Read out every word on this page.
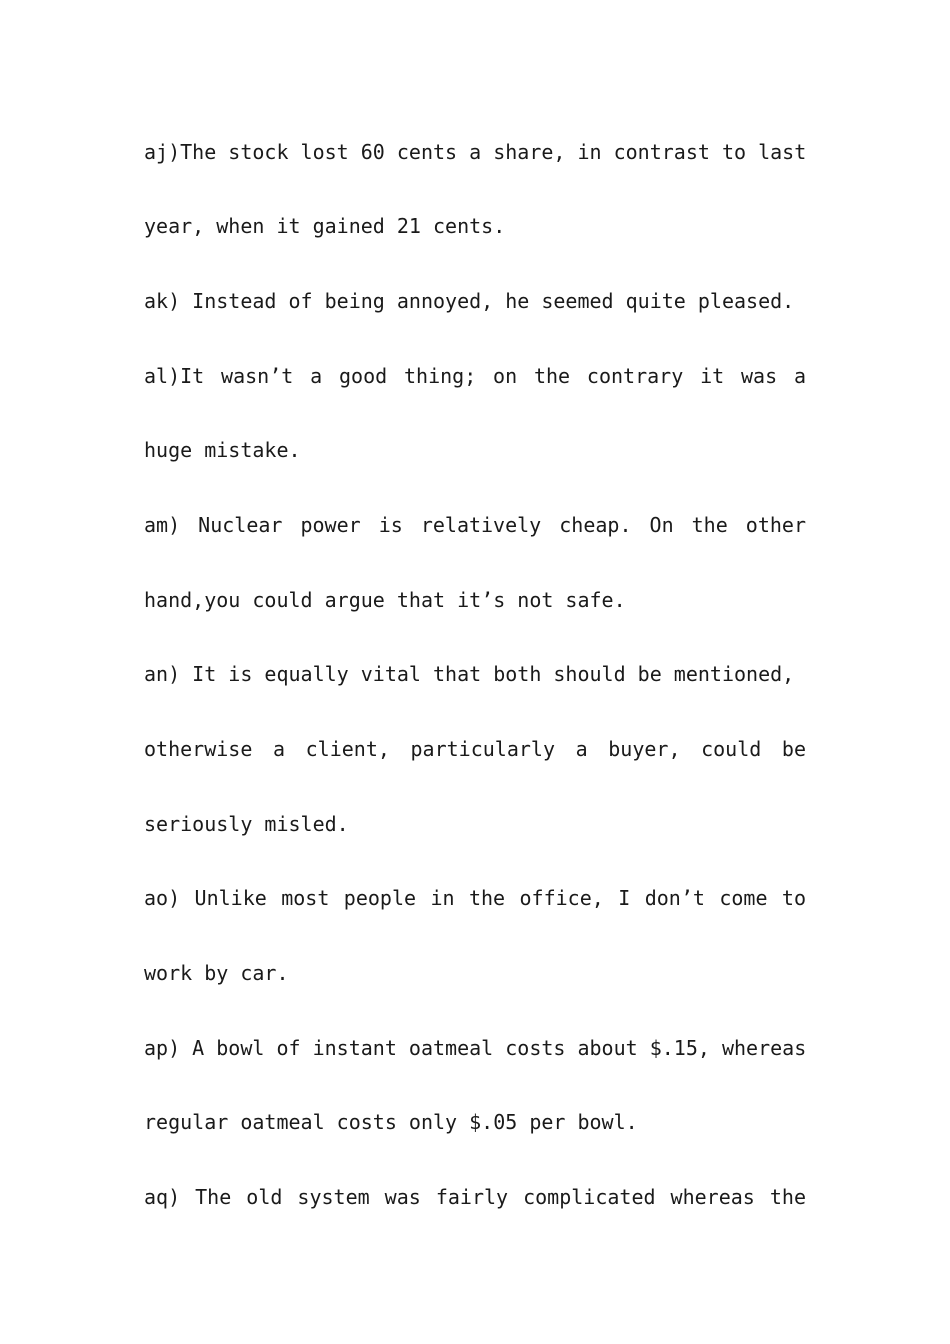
aj)The stock lost 60 cents a share, in contrast to last
year, when it gained 21 cents.
ak) Instead of being annoyed, he seemed quite pleased.
al)It wasn’t a good thing; on the contrary it was a
huge mistake.
am) Nuclear power is relatively cheap. On the other
hand,you could argue that it’s not safe.
an) It is equally vital that both should be mentioned,
otherwise a client, particularly a buyer, could be
seriously misled.
ao) Unlike most people in the office, I don’t come to
work by car.
ap) A bowl of instant oatmeal costs about $.15, whereas
regular oatmeal costs only $.05 per bowl.
aq) The old system was fairly complicated whereas the
